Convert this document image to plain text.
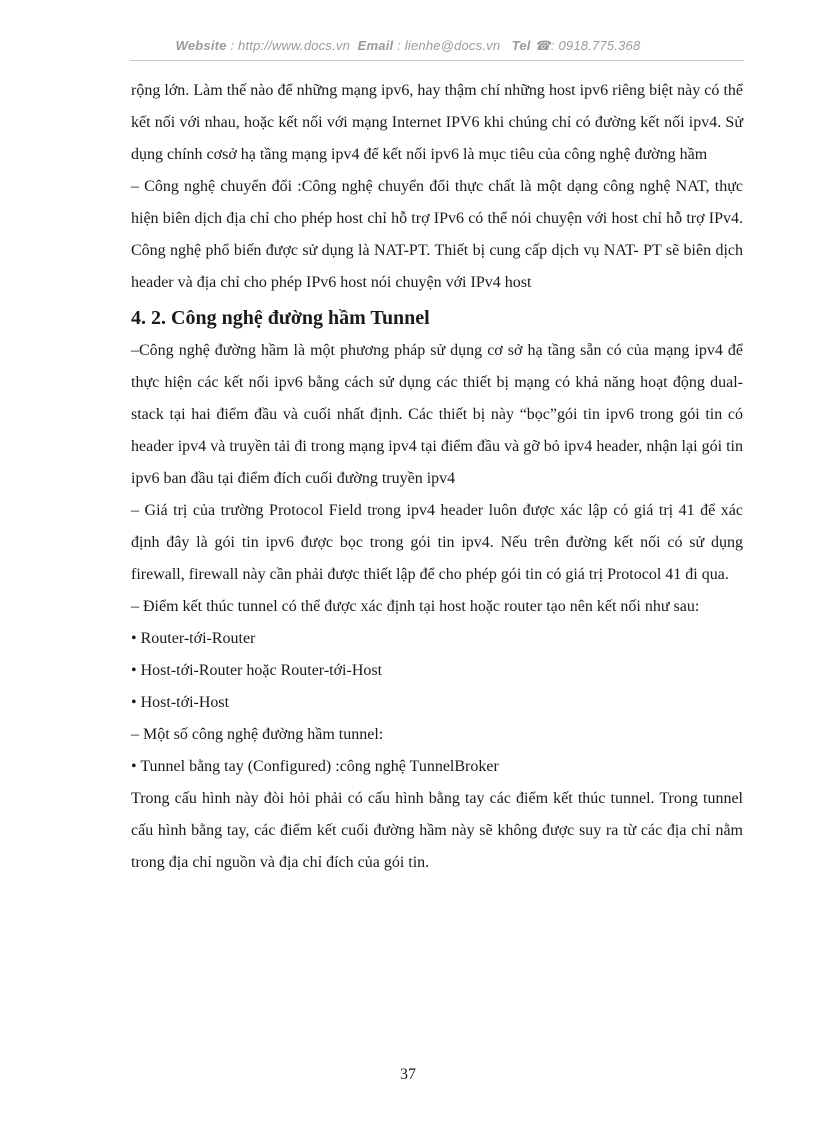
Website : http://www.docs.vn Email : lienhe@docs.vn Tel ☎: 0918.775.368

rộng lớn. Làm thế nào để những mạng ipv6, hay thậm chí những host ipv6 riêng biệt này có thể kết nối với nhau, hoặc kết nối với mạng Internet IPV6 khi chúng chỉ có đường kết nối ipv4. Sử dụng chính cơsở hạ tầng mạng ipv4 để kết nối ipv6 là mục tiêu của công nghệ đường hầm

– Công nghệ chuyển đổi :Công nghệ chuyển đổi thực chất là một dạng công nghệ NAT, thực hiện biên dịch địa chỉ cho phép host chỉ hỗ trợ IPv6 có thể nói chuyện với host chỉ hỗ trợ IPv4. Công nghệ phổ biến được sử dụng là NAT-PT. Thiết bị cung cấp dịch vụ NAT- PT sẽ biên dịch header và địa chỉ cho phép IPv6 host nói chuyện với IPv4 host

4. 2. Công nghệ đường hầm Tunnel

–Công nghệ đường hầm là một phương pháp sử dụng cơ sở hạ tầng sẵn có của mạng ipv4 để thực hiện các kết nối ipv6 bằng cách sử dụng các thiết bị mạng có khả năng hoạt động dual-stack tại hai điểm đầu và cuối nhất định. Các thiết bị này “bọc”gói tin ipv6 trong gói tin có header ipv4 và truyền tải đi trong mạng ipv4 tại điểm đầu và gỡ bỏ ipv4 header, nhận lại gói tin ipv6 ban đầu tại điểm đích cuối đường truyền ipv4

– Giá trị của trường Protocol Field trong ipv4 header luôn được xác lập có giá trị 41 để xác định đây là gói tin ipv6 được bọc trong gói tin ipv4. Nếu trên đường kết nối có sử dụng firewall, firewall này cần phải được thiết lập để cho phép gói tin có giá trị Protocol 41 đi qua.

– Điểm kết thúc tunnel có thể được xác định tại host hoặc router tạo nên kết nối như sau:

• Router-tới-Router

• Host-tới-Router hoặc Router-tới-Host

• Host-tới-Host

– Một số công nghệ đường hầm tunnel:

• Tunnel bằng tay (Configured) :công nghệ TunnelBroker

Trong cấu hình này đòi hỏi phải có cấu hình bằng tay các điểm kết thúc tunnel. Trong tunnel cấu hình bằng tay, các điểm kết cuối đường hầm này sẽ không được suy ra từ các địa chỉ nằm trong địa chỉ nguồn và địa chỉ đích của gói tin.

37
